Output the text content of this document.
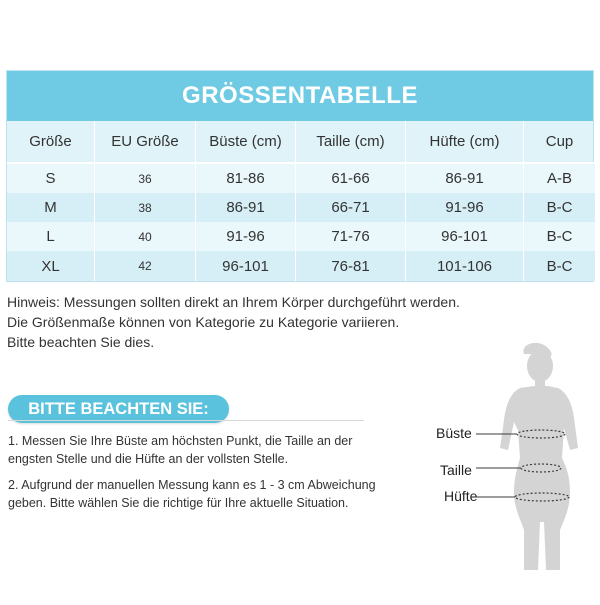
GRÖSSENTABELLE
Größe	EU Größe	Büste (cm)	Taille (cm)	Hüfte (cm)	Cup
S	36	81-86	61-66	86-91	A-B
M	38	86-91	66-71	91-96	B-C
L	40	91-96	71-76	96-101	B-C
XL	42	96-101	76-81	101-106	B-C
Hinweis: Messungen sollten direkt an Ihrem Körper durchgeführt werden.
Die Größenmaße können von Kategorie zu Kategorie variieren.
Bitte beachten Sie dies.
BITTE BEACHTEN SIE:

1. Messen Sie Ihre Büste am höchsten Punkt, die Taille an der engsten Stelle und die Hüfte an der vollsten Stelle.

2. Aufgrund der manuellen Messung kann es 1 - 3 cm Abweichung geben. Bitte wählen Sie die richtige für Ihre aktuelle Situation.

Büste
Taille
Hüfte
